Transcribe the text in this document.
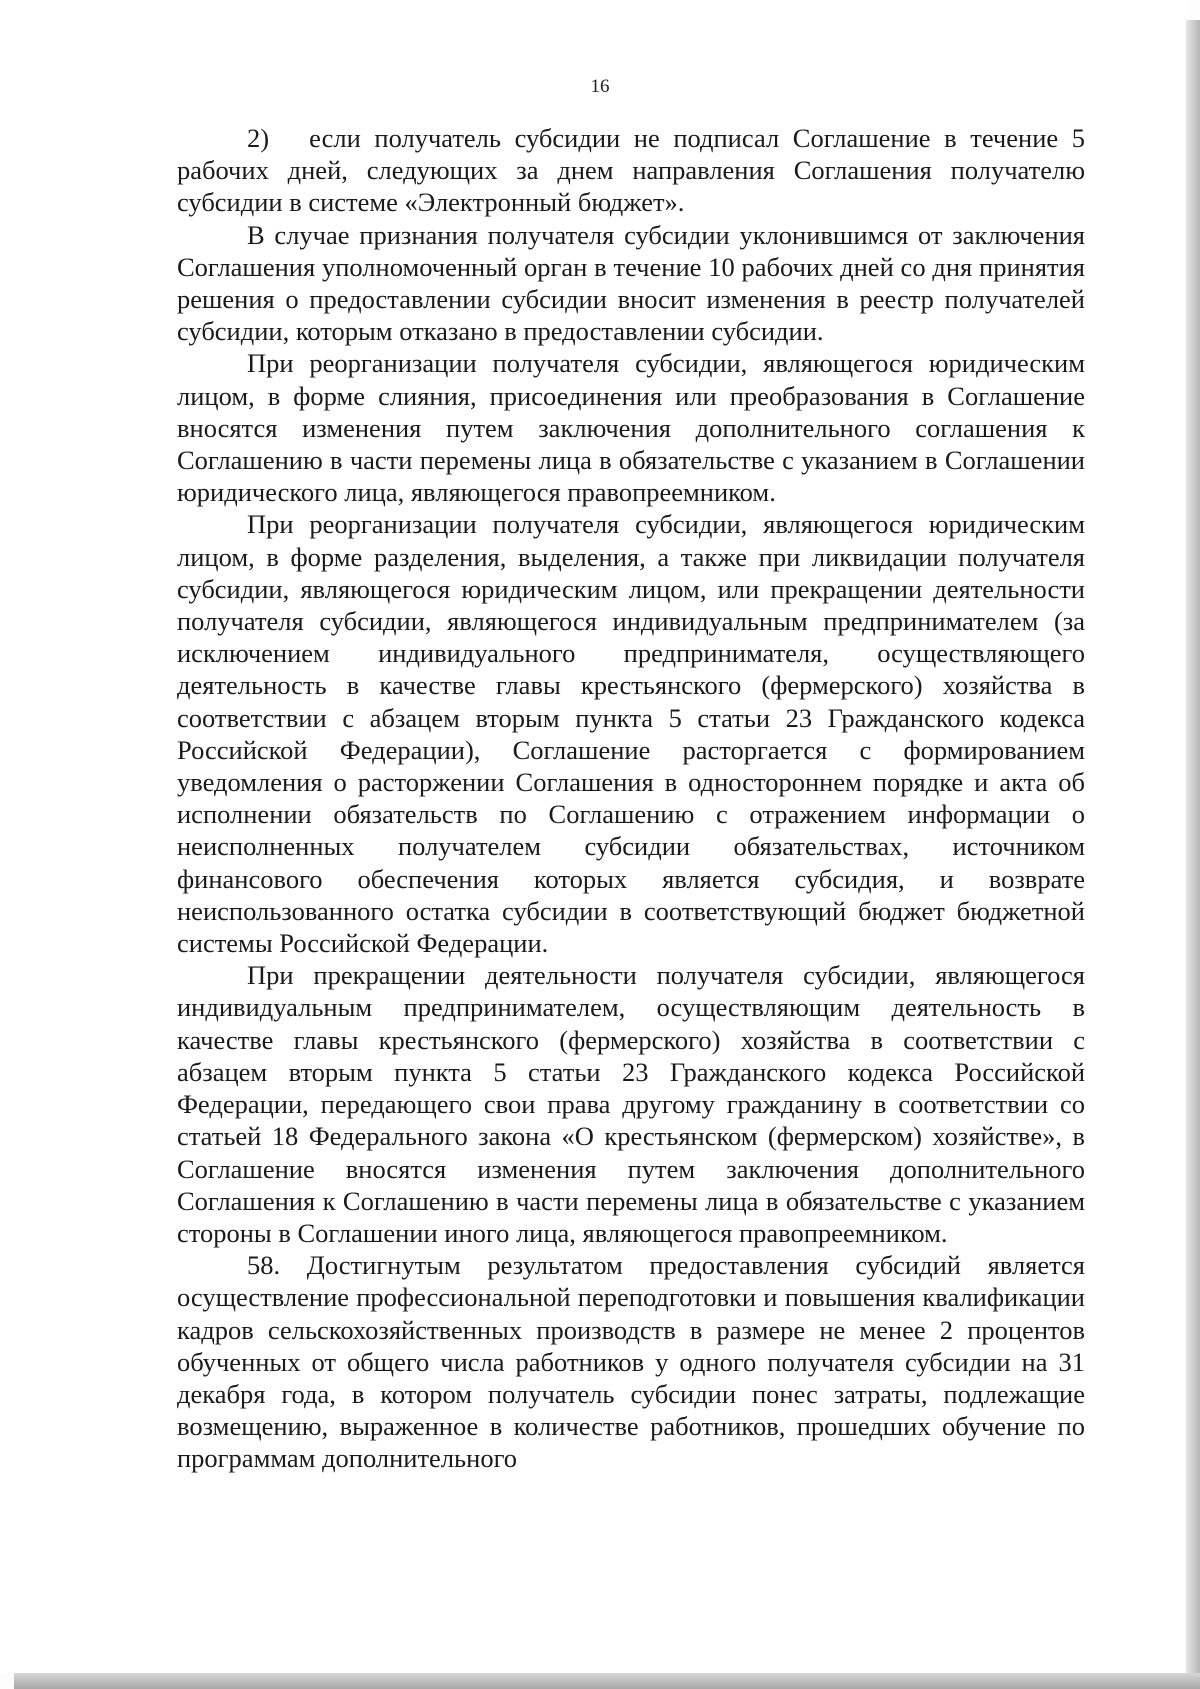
16

2)  если получатель субсидии не подписал Соглашение в течение 5 рабочих дней, следующих за днем направления Соглашения получателю субсидии в системе «Электронный бюджет».

В случае признания получателя субсидии уклонившимся от заключения Соглашения уполномоченный орган в течение 10 рабочих дней со дня принятия решения о предоставлении субсидии вносит изменения в реестр получателей субсидии, которым отказано в предоставлении субсидии.

При реорганизации получателя субсидии, являющегося юридическим лицом, в форме слияния, присоединения или преобразования в Соглашение вносятся изменения путем заключения дополнительного соглашения к Соглашению в части перемены лица в обязательстве с указанием в Соглашении юридического лица, являющегося правопреемником.

При реорганизации получателя субсидии, являющегося юридическим лицом, в форме разделения, выделения, а также при ликвидации получателя субсидии, являющегося юридическим лицом, или прекращении деятельности получателя субсидии, являющегося индивидуальным предпринимателем (за исключением индивидуального предпринимателя, осуществляющего деятельность в качестве главы крестьянского (фермерского) хозяйства в соответствии с абзацем вторым пункта 5 статьи 23 Гражданского кодекса Российской Федерации), Соглашение расторгается с формированием уведомления о расторжении Соглашения в одностороннем порядке и акта об исполнении обязательств по Соглашению с отражением информации о неисполненных получателем субсидии обязательствах, источником финансового обеспечения которых является субсидия, и возврате неиспользованного остатка субсидии в соответствующий бюджет бюджетной системы Российской Федерации.

При прекращении деятельности получателя субсидии, являющегося индивидуальным предпринимателем, осуществляющим деятельность в качестве главы крестьянского (фермерского) хозяйства в соответствии с абзацем вторым пункта 5 статьи 23 Гражданского кодекса Российской Федерации, передающего свои права другому гражданину в соответствии со статьей 18 Федерального закона «О крестьянском (фермерском) хозяйстве», в Соглашение вносятся изменения путем заключения дополнительного Соглашения к Соглашению в части перемены лица в обязательстве с указанием стороны в Соглашении иного лица, являющегося правопреемником.

58. Достигнутым результатом предоставления субсидий является осуществление профессиональной переподготовки и повышения квалификации кадров сельскохозяйственных производств в размере не менее 2 процентов обученных от общего числа работников у одного получателя субсидии на 31 декабря года, в котором получатель субсидии понес затраты, подлежащие возмещению, выраженное в количестве работников, прошедших обучение по программам дополнительного
